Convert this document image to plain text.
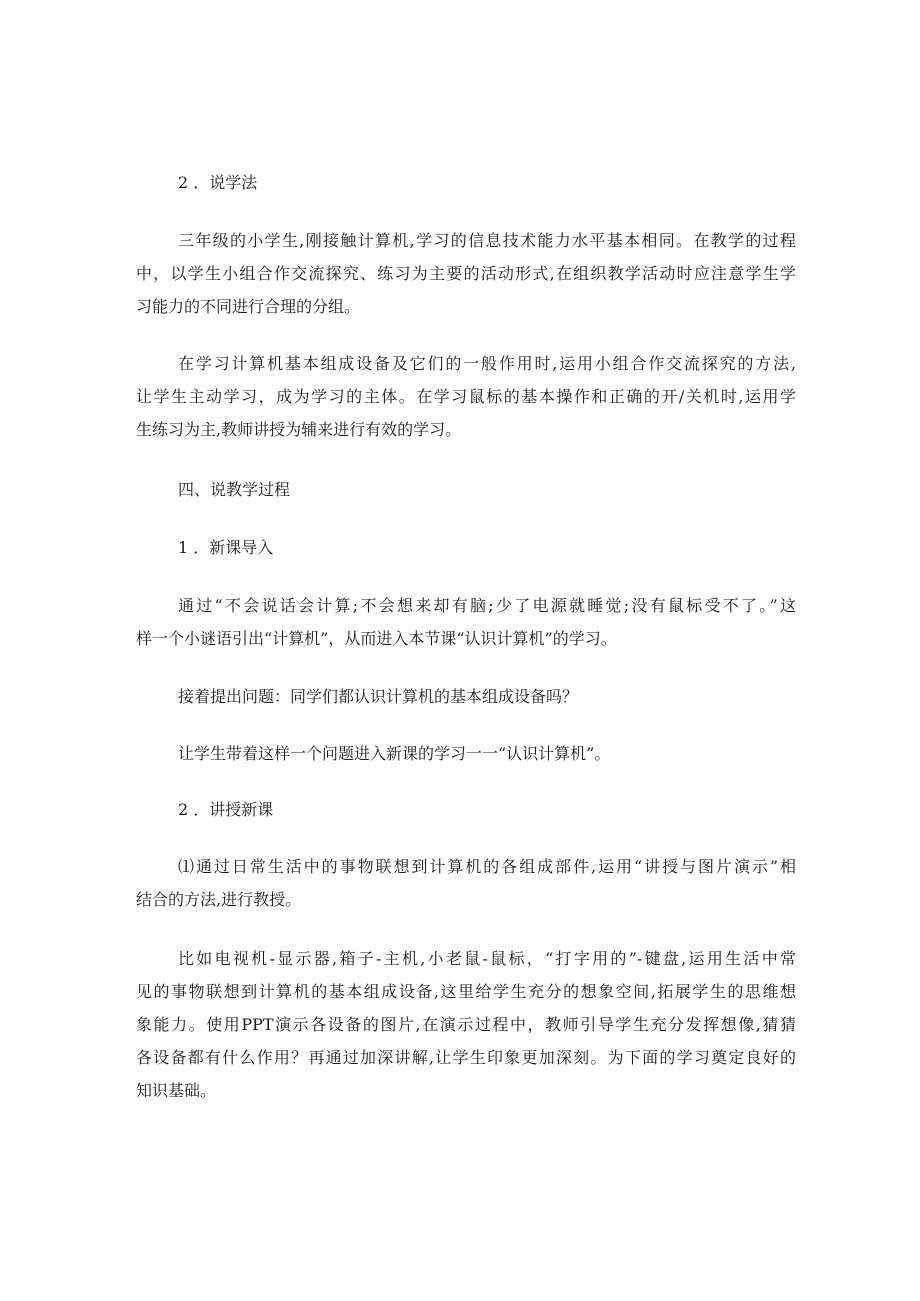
2 ．说学法
三年级的小学生,刚接触计算机,学习的信息技术能力水平基本相同。在教学的过程
中，以学生小组合作交流探究、练习为主要的活动形式,在组织教学活动时应注意学生学
习能力的不同进行合理的分组。
在学习计算机基本组成设备及它们的一般作用时,运用小组合作交流探究的方法,
让学生主动学习，成为学习的主体。在学习鼠标的基本操作和正确的开/关机时,运用学
生练习为主,教师讲授为辅来进行有效的学习。
四、说教学过程
1 ．新课导入
通过“不会说话会计算;不会想来却有脑;少了电源就睡觉;没有鼠标受不了。”这
样一个小谜语引出“计算机”，从而进入本节课“认识计算机”的学习。
接着提出问题：同学们都认识计算机的基本组成设备吗？
让学生带着这样一个问题进入新课的学习一一“认识计算机”。
2 ．讲授新课
⑴通过日常生活中的事物联想到计算机的各组成部件,运用“讲授与图片演示”相
结合的方法,进行教授。
比如电视机-显示器,箱子-主机,小老鼠-鼠标，“打字用的”-键盘,运用生活中常
见的事物联想到计算机的基本组成设备,这里给学生充分的想象空间,拓展学生的思维想
象能力。使用PPT演示各设备的图片,在演示过程中，教师引导学生充分发挥想像,猜猜
各设备都有什么作用？再通过加深讲解,让学生印象更加深刻。为下面的学习奠定良好的
知识基础。
